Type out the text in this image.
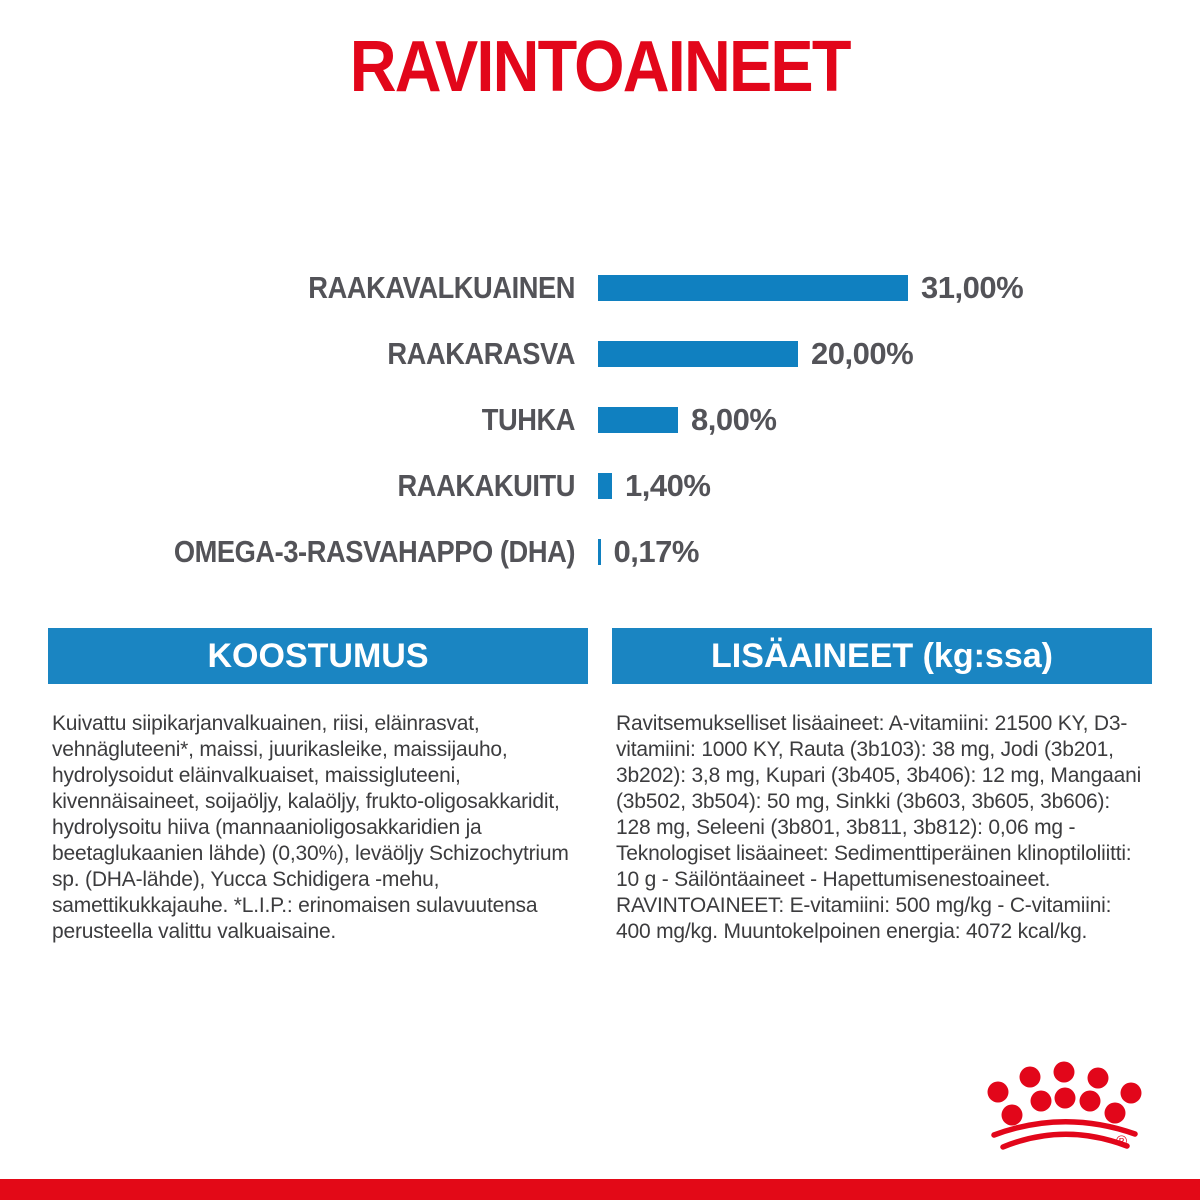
RAVINTOAINEET
RAAKAVALKUAINEN	31,00%
RAAKARASVA	20,00%
TUHKA	8,00%
RAAKAKUITU 1,40%
OMEGA-3-RASVAHAPPO (DHA) 0,17%
KOOSTUMUS

Kuivattu siipikarjanvalkuainen, riisi, eläinrasvat, vehnägluteeni*, maissi, juurikasleike, maissijauho, hydrolysoidut eläinvalkuaiset, maissigluteeni, kivennäisaineet, soijaöljy, kalaöljy, frukto-oligosakkaridit, hydrolysoitu hiiva (mannaanioligosakkaridien ja beetaglukaanien lähde) (0,30%), leväöljy Schizochytrium sp. (DHA-lähde), Yucca Schidigera -mehu, samettikukkajauhe. *L.I.P.: erinomaisen sulavuutensa perusteella valittu valkuaisaine.

LISÄAINEET (kg:ssa)

Ravitsemukselliset lisäaineet: A-vitamiini: 21500 KY, D3-vitamiini: 1000 KY, Rauta (3b103): 38 mg, Jodi (3b201, 3b202): 3,8 mg, Kupari (3b405, 3b406): 12 mg, Mangaani (3b502, 3b504): 50 mg, Sinkki (3b603, 3b605, 3b606): 128 mg, Seleeni (3b801, 3b811, 3b812): 0,06 mg - Teknologiset lisäaineet: Sedimenttiperäinen klinoptiloliitti: 10 g - Säilöntäaineet - Hapettumisenestoaineet. RAVINTOAINEET: E-vitamiini: 500 mg/kg - C-vitamiini: 400 mg/kg. Muuntokelpoinen energia: 4072 kcal/kg.

®
